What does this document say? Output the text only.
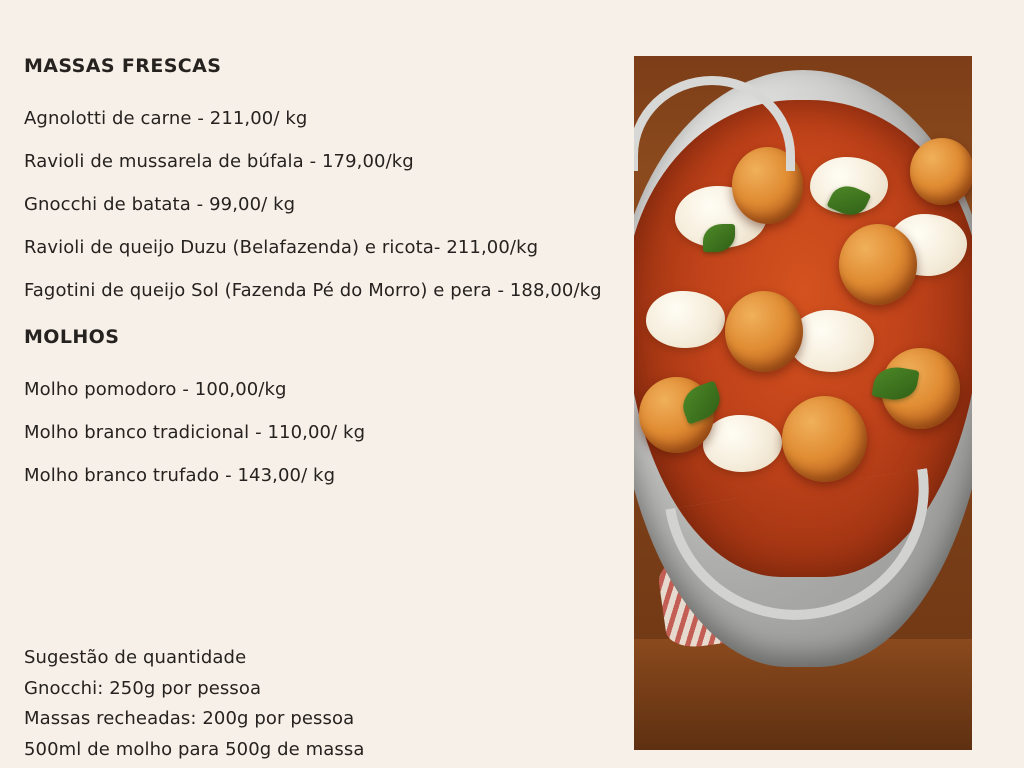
MASSAS FRESCAS

Agnolotti de carne - 211,00/ kg

Ravioli de mussarela de búfala - 179,00/kg

Gnocchi de batata - 99,00/ kg

Ravioli de queijo Duzu (Belafazenda) e ricota- 211,00/kg

Fagotini de queijo Sol (Fazenda Pé do Morro) e pera - 188,00/kg

MOLHOS

Molho pomodoro - 100,00/kg

Molho branco tradicional - 110,00/ kg

Molho branco trufado - 143,00/ kg

Sugestão de quantidade

Gnocchi: 250g por pessoa

Massas recheadas: 200g por pessoa

500ml de molho para 500g de massa
